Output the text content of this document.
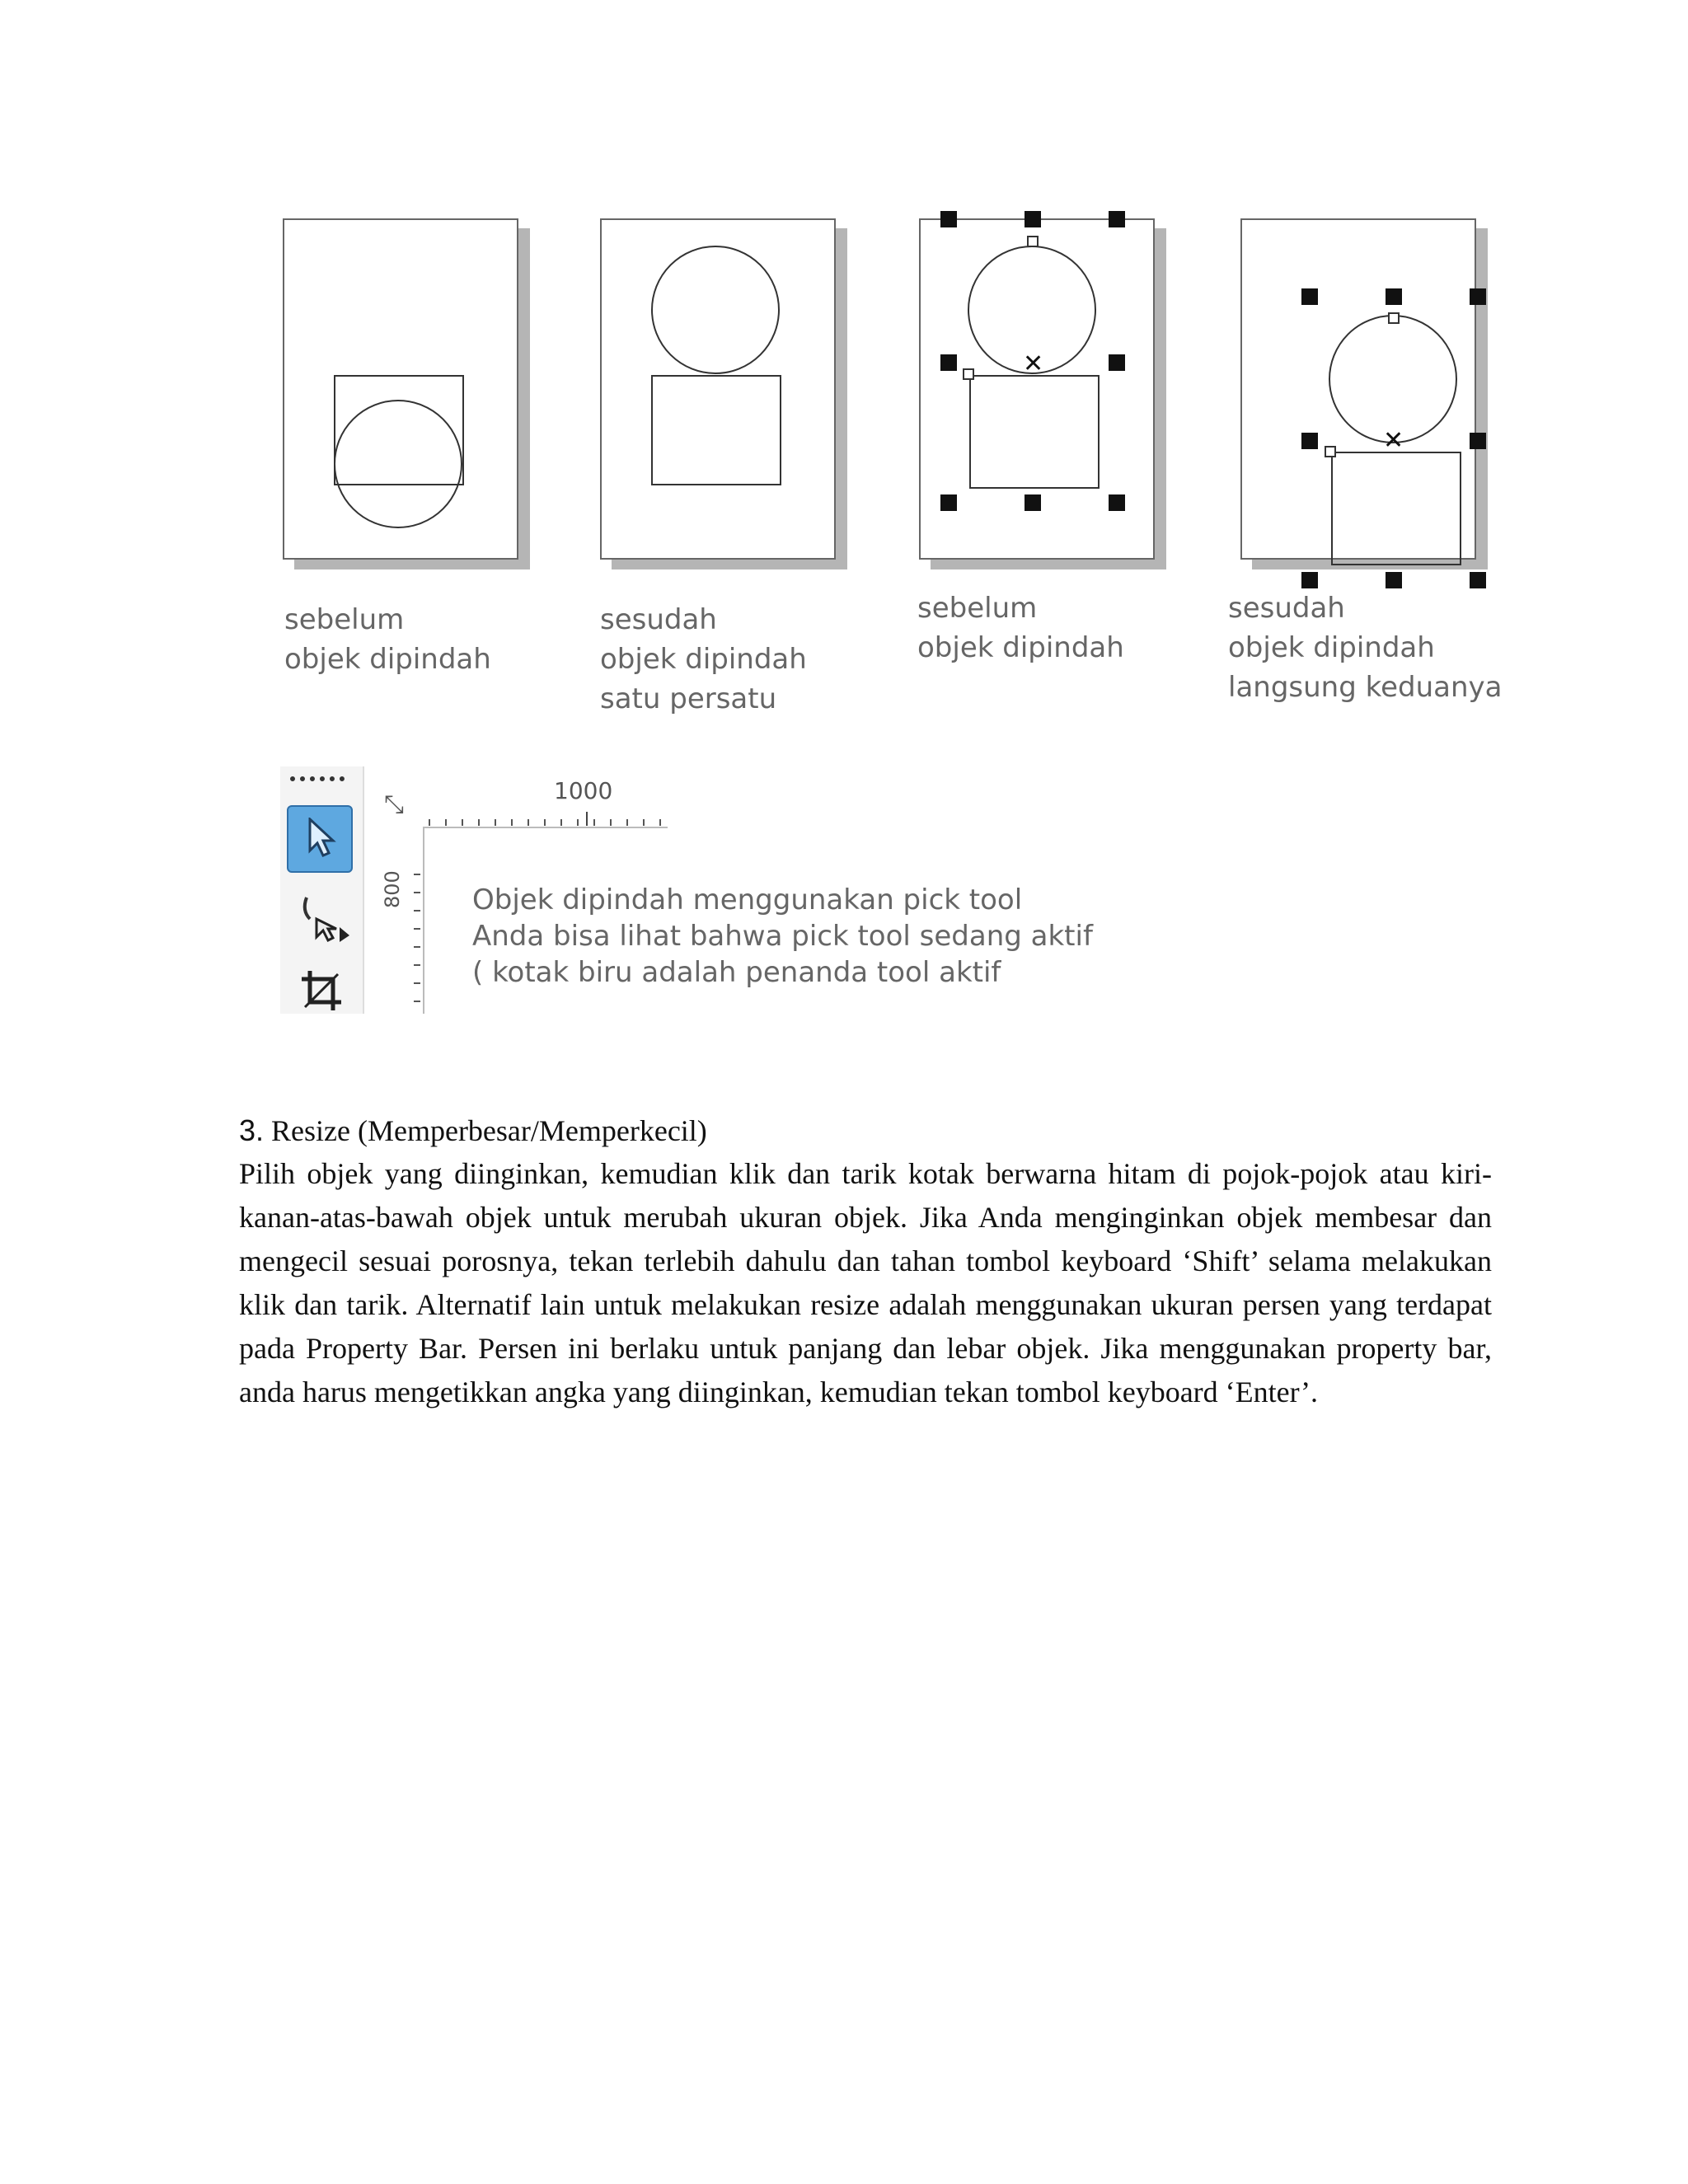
sebelum
objek dipindah
sesudah
objek dipindah
satu persatu
✕
sebelum
objek dipindah
✕
sesudah
objek dipindah
langsung keduanya
⤡	1000
800 Objek dipindah menggunakan pick tool
Anda bisa lihat bahwa pick tool sedang aktif
( kotak biru adalah penanda tool aktif
3. Resize (Memperbesar/Memperkecil)
Pilih objek yang diinginkan, kemudian klik dan tarik kotak berwarna hitam di pojok-pojok atau kiri-kanan-atas-bawah objek untuk merubah ukuran objek. Jika Anda menginginkan objek membesar dan mengecil sesuai porosnya, tekan terlebih dahulu dan tahan tombol keyboard ‘Shift’ selama melakukan klik dan tarik. Alternatif lain untuk melakukan resize adalah menggunakan ukuran persen yang terdapat pada Property Bar. Persen ini berlaku untuk panjang dan lebar objek. Jika menggunakan property bar, anda harus mengetikkan angka yang diinginkan, kemudian tekan tombol keyboard ‘Enter’.
